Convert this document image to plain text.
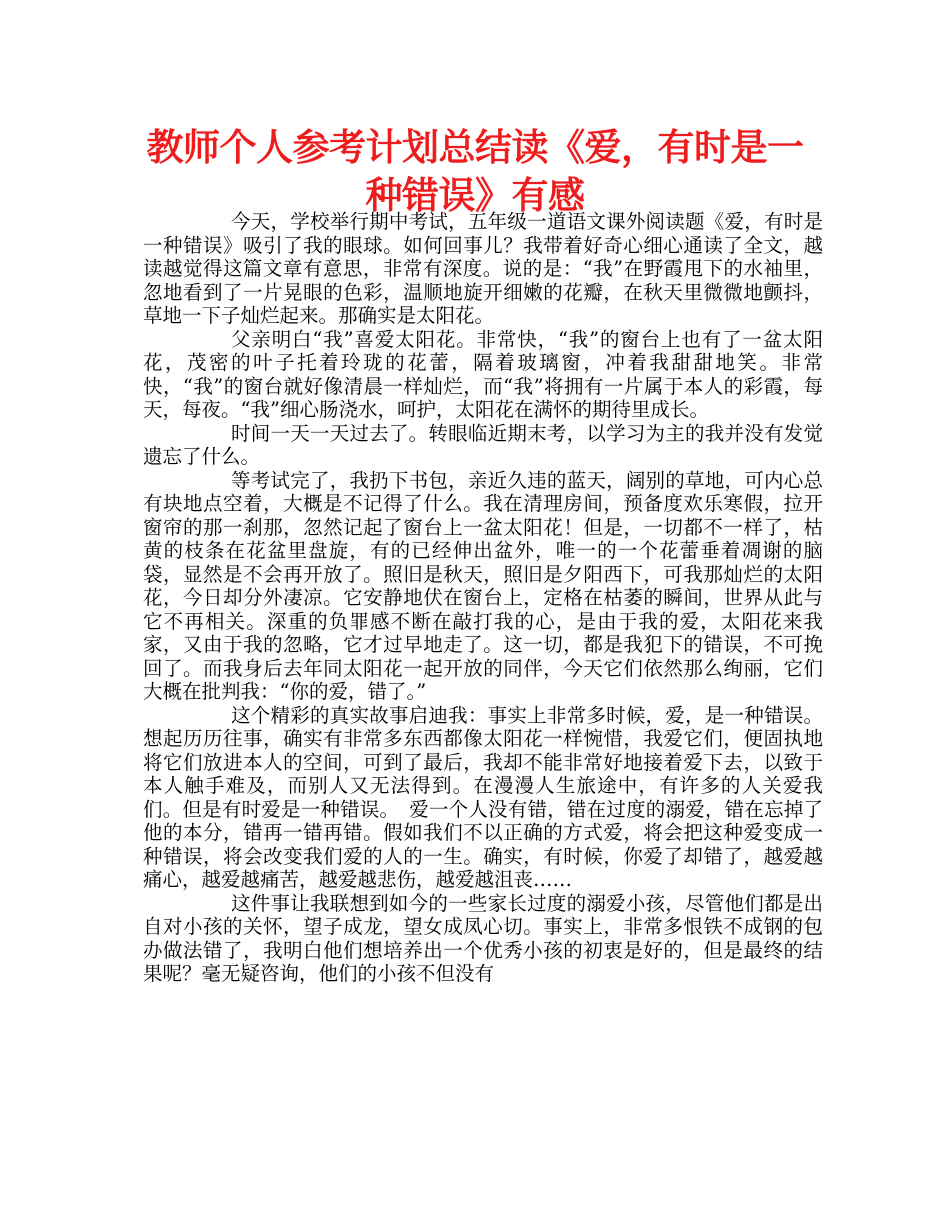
教师个人参考计划总结读《爱，有时是一种错误》有感

今天，学校举行期中考试，五年级一道语文课外阅读题《爱，有时是一种错误》吸引了我的眼球。如何回事儿？我带着好奇心细心通读了全文，越读越觉得这篇文章有意思，非常有深度。说的是：“我”在野霞甩下的水袖里，忽地看到了一片晃眼的色彩，温顺地旋开细嫩的花瓣，在秋天里微微地颤抖，草地一下子灿烂起来。那确实是太阳花。

父亲明白“我”喜爱太阳花。非常快，“我”的窗台上也有了一盆太阳花，茂密的叶子托着玲珑的花蕾，隔着玻璃窗，冲着我甜甜地笑。非常快，“我”的窗台就好像清晨一样灿烂，而“我”将拥有一片属于本人的彩霞，每天，每夜。“我”细心肠浇水，呵护，太阳花在满怀的期待里成长。

时间一天一天过去了。转眼临近期末考，以学习为主的我并没有发觉遗忘了什么。

等考试完了，我扔下书包，亲近久违的蓝天，阔别的草地，可内心总有块地点空着，大概是不记得了什么。我在清理房间，预备度欢乐寒假，拉开窗帘的那一刹那，忽然记起了窗台上一盆太阳花！但是，一切都不一样了，枯黄的枝条在花盆里盘旋，有的已经伸出盆外，唯一的一个花蕾垂着凋谢的脑袋，显然是不会再开放了。照旧是秋天，照旧是夕阳西下，可我那灿烂的太阳花，今日却分外凄凉。它安静地伏在窗台上，定格在枯萎的瞬间，世界从此与它不再相关。深重的负罪感不断在敲打我的心，是由于我的爱，太阳花来我家，又由于我的忽略，它才过早地走了。这一切，都是我犯下的错误，不可挽回了。而我身后去年同太阳花一起开放的同伴，今天它们依然那么绚丽，它们大概在批判我：“你的爱，错了。”

这个精彩的真实故事启迪我：事实上非常多时候，爱，是一种错误。想起历历往事，确实有非常多东西都像太阳花一样惋惜，我爱它们，便固执地将它们放进本人的空间，可到了最后，我却不能非常好地接着爱下去，以致于本人触手难及，而别人又无法得到。在漫漫人生旅途中，有许多的人关爱我们。但是有时爱是一种错误。　爱一个人没有错，错在过度的溺爱，错在忘掉了他的本分，错再一错再错。假如我们不以正确的方式爱，将会把这种爱变成一种错误，将会改变我们爱的人的一生。确实，有时候，你爱了却错了，越爱越痛心，越爱越痛苦，越爱越悲伤，越爱越沮丧……

这件事让我联想到如今的一些家长过度的溺爱小孩，尽管他们都是出自对小孩的关怀，望子成龙，望女成凤心切。事实上，非常多恨铁不成钢的包办做法错了，我明白他们想培养出一个优秀小孩的初衷是好的，但是最终的结果呢？毫无疑咨询，他们的小孩不但没有
